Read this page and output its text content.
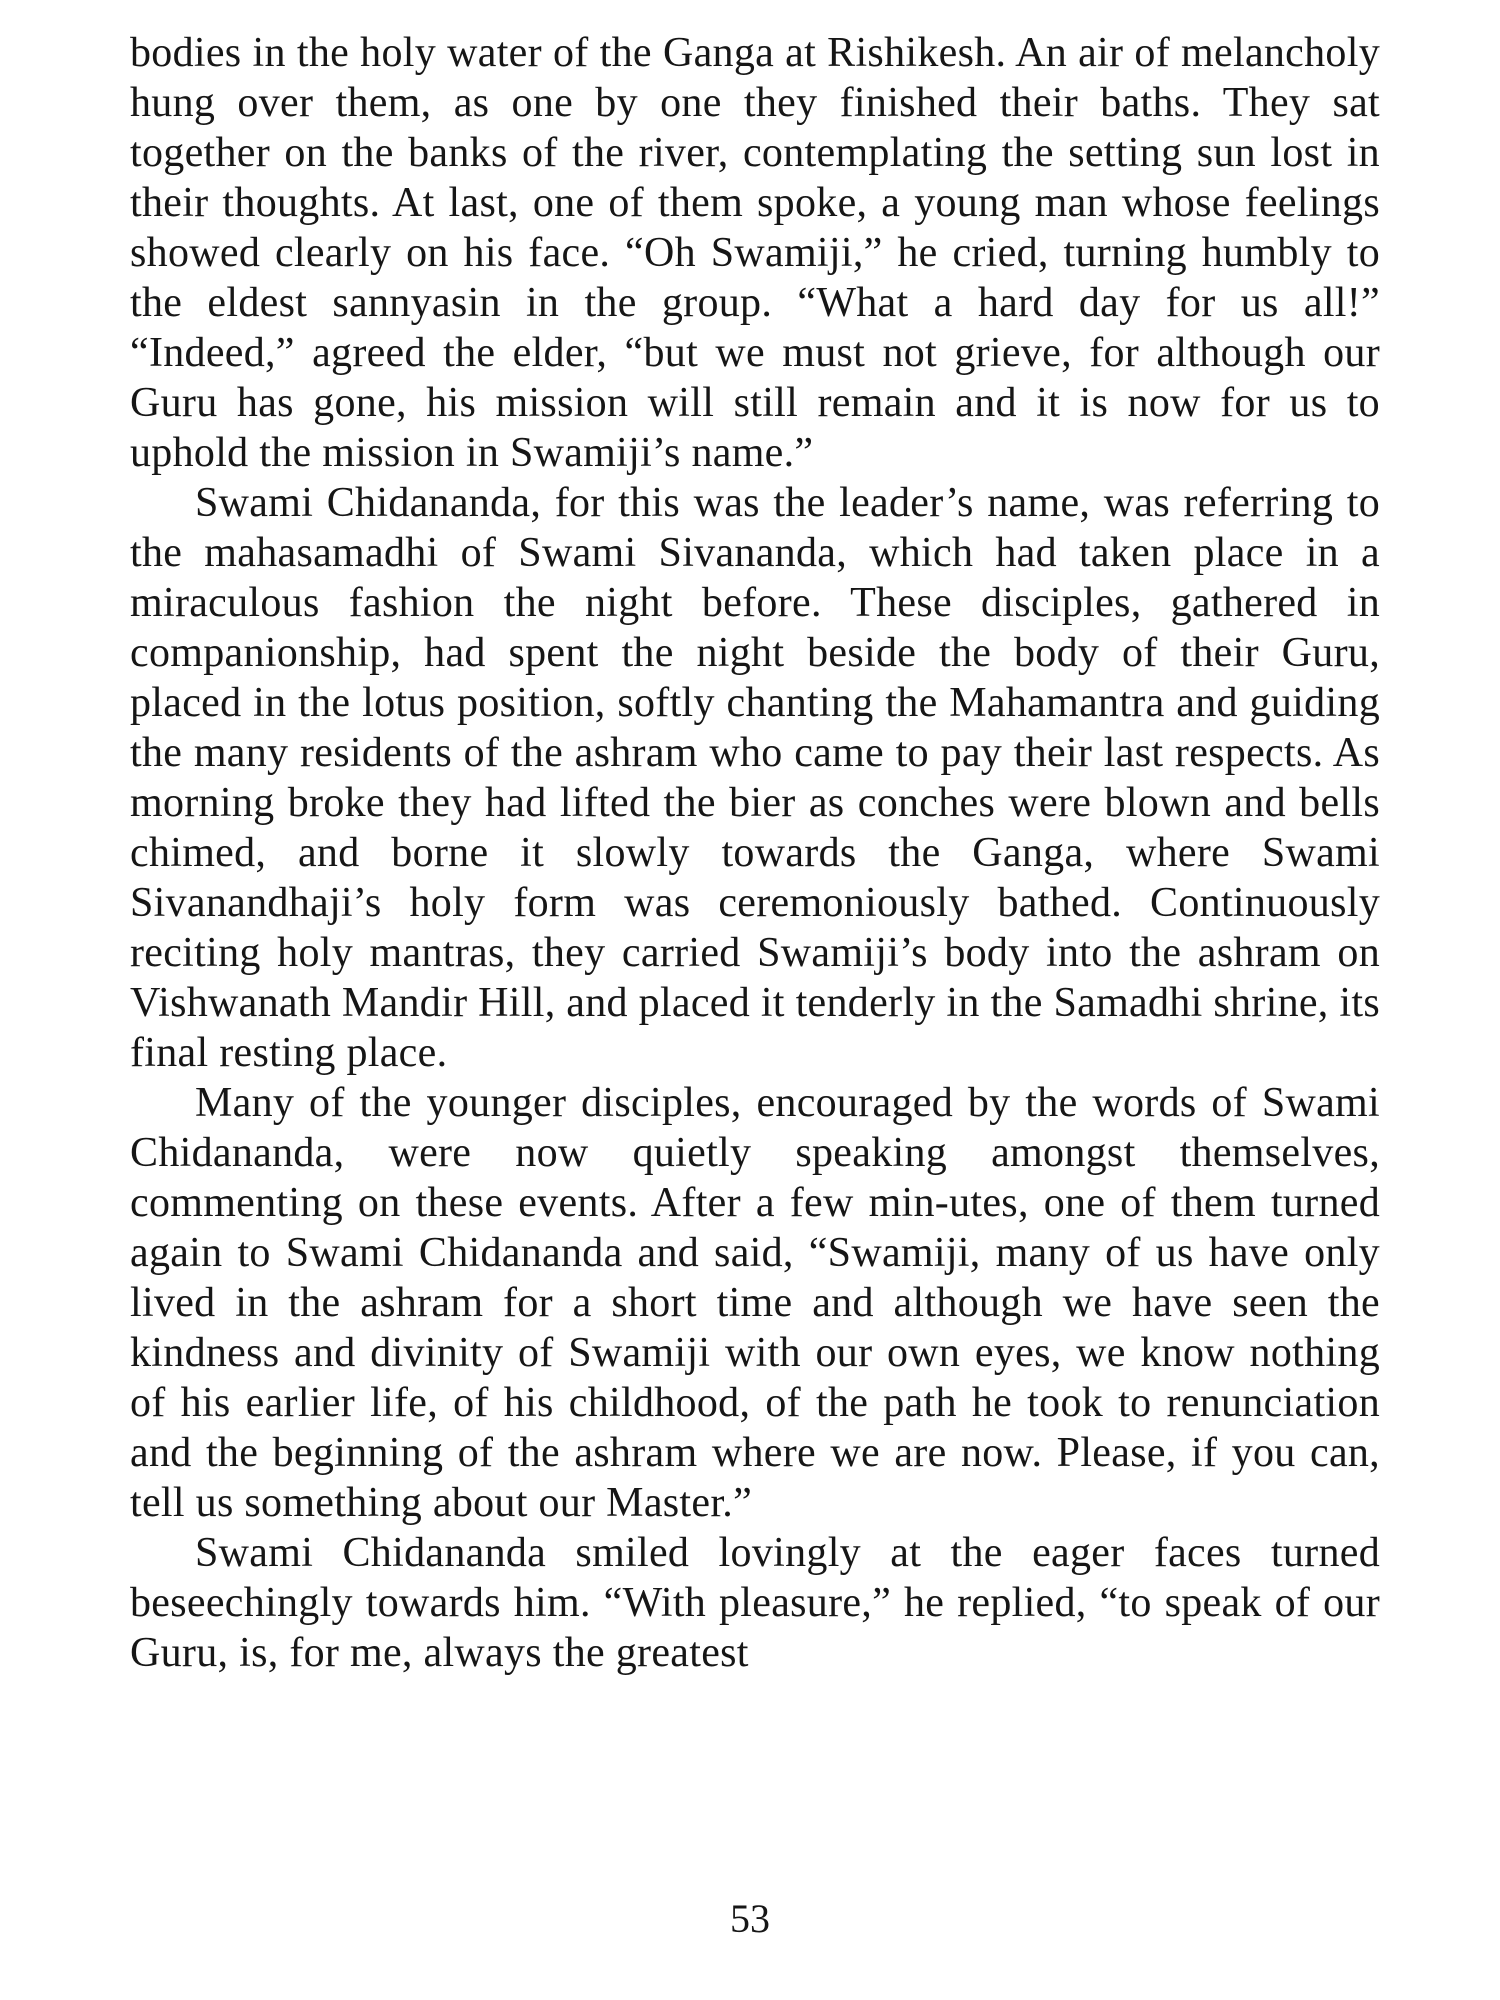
bodies in the holy water of the Ganga at Rishikesh. An air of melancholy hung over them, as one by one they finished their baths. They sat together on the banks of the river, contemplating the setting sun lost in their thoughts. At last, one of them spoke, a young man whose feelings showed clearly on his face. “Oh Swamiji,” he cried, turning humbly to the eldest sannyasin in the group. “What a hard day for us all!” “Indeed,” agreed the elder, “but we must not grieve, for although our Guru has gone, his mission will still remain and it is now for us to uphold the mission in Swamiji’s name.”

Swami Chidananda, for this was the leader’s name, was referring to the mahasamadhi of Swami Sivananda, which had taken place in a miraculous fashion the night before. These disciples, gathered in companionship, had spent the night beside the body of their Guru, placed in the lotus position, softly chanting the Mahamantra and guiding the many residents of the ashram who came to pay their last respects. As morning broke they had lifted the bier as conches were blown and bells chimed, and borne it slowly towards the Ganga, where Swami Sivanandhaji’s holy form was ceremoniously bathed. Continuously reciting holy mantras, they carried Swamiji’s body into the ashram on Vishwanath Mandir Hill, and placed it tenderly in the Samadhi shrine, its final resting place.

Many of the younger disciples, encouraged by the words of Swami Chidananda, were now quietly speaking amongst themselves, commenting on these events. After a few min-utes, one of them turned again to Swami Chidananda and said, “Swamiji, many of us have only lived in the ashram for a short time and although we have seen the kindness and divinity of Swamiji with our own eyes, we know nothing of his earlier life, of his childhood, of the path he took to renunciation and the beginning of the ashram where we are now. Please, if you can, tell us something about our Master.”

Swami Chidananda smiled lovingly at the eager faces turned beseechingly towards him. “With pleasure,” he replied, “to speak of our Guru, is, for me, always the greatest

53
